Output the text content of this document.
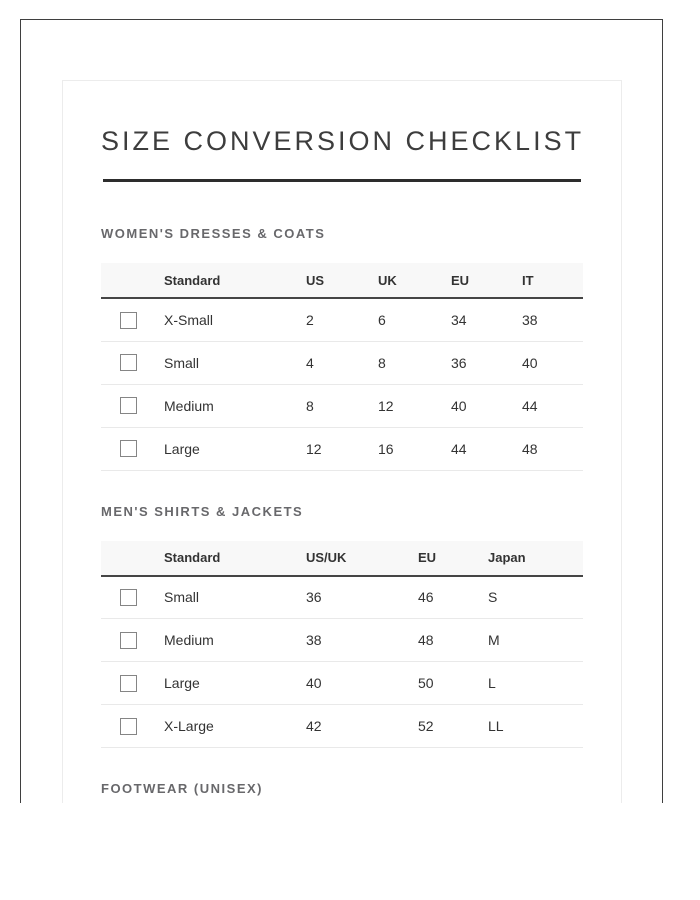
SIZE CONVERSION CHECKLIST
WOMEN'S DRESSES & COATS
	Standard	US	UK	EU	IT
	X-Small	2	6	34	38
	Small	4	8	36	40
	Medium	8	12	40	44
	Large	12	16	44	48
MEN'S SHIRTS & JACKETS
	Standard	US/UK	EU	Japan
	Small	36	46	S
	Medium	38	48	M
	Large	40	50	L
	X-Large	42	52	LL
FOOTWEAR (UNISEX)
